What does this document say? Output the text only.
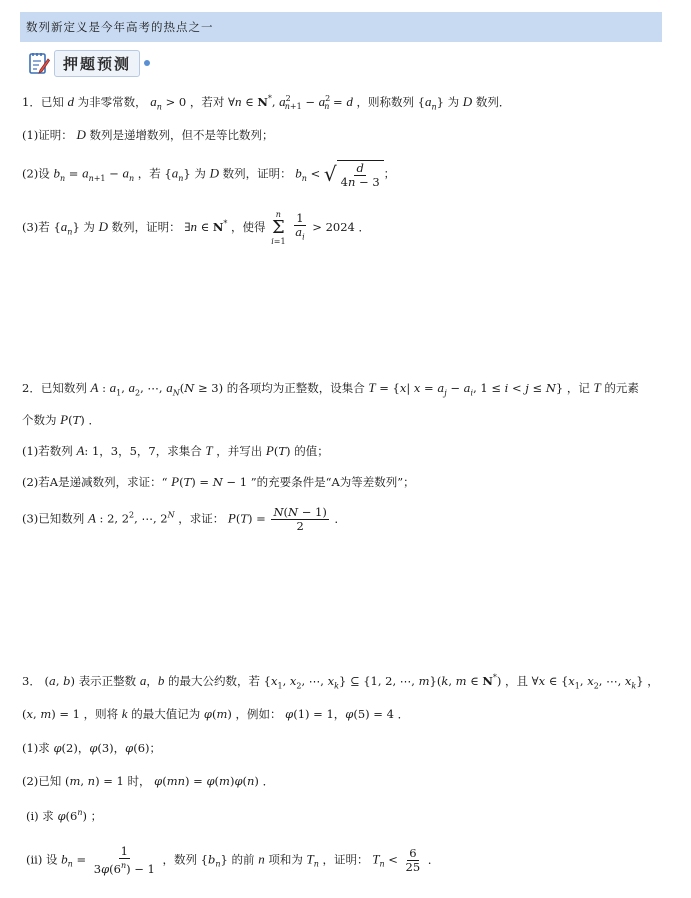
数列新定义是今年高考的热点之一
押题预测
1．已知 d 为非零常数， $a_n > 0$ ，若对 ∀n ∈ N*, $a^2_{n+1} - a^2_n = d$ ，则称数列 $\{a_n\}$ 为 D 数列．
(1)证明： D 数列是递增数列，但不是等比数列；
(2)设 $b_n = a_{n+1} - a_n$ ，若 $\{a_n\}$ 为 D 数列，证明： $b_n$ < √ $\frac{d}{4n - 3}$ ；
(3)若 $\{a_n\}$ 为 D 数列，证明： ∃n ∈ N* ，使得
n
Σ
i=1
$\frac{1}{a_i} > 2024$ ．
2．已知数列 A : $a_1$, $a_2$, ⋯, $a_N(N \ge 3)$ 的各项均为正整数，设集合 T = {x| $x = a_j - a_i$, 1 ≤ i < j ≤ N} ，记 T 的元素
个数为 P(T) ．
(1)若数列 A: 1，3，5，7，求集合 T ，并写出 P(T) 的值；
(2)若A是递减数列，求证：“ P(T) = N − 1 ”的充要条件是“A为等差数列”；
(3)已知数列 A : 2, $2^2$, ⋯, $2^N$ ，求证： $P(T) = \frac{N(N - 1)}{2}$ ．
3． (a, b) 表示正整数 a，b 的最大公约数，若 {$x_1$, $x_2$, ⋯, $x_k$} ⊆ {1, 2, ⋯, m}(k, m ∈ N*) ，且 ∀x ∈ {$x_1$, $x_2$, ⋯, $x_k$} ，
(x, m) = 1 ，则将 k 的最大值记为 φ(m) ，例如： φ(1) = 1，φ(5) = 4 ．
(1)求 φ(2)，φ(3)，φ(6)；
(2)已知 (m, n) = 1 时， φ(mn) = φ(m)φ(n) ．
(i) 求 φ(6$^n$) ；
(ii) 设 $b_n = \frac{1}{3\varphi(6^n) - 1}$ ，数列 $\{b_n\}$ 的前 n 项和为 $T_n$ ，证明： $T_n < \frac{6}{25}$ ．
